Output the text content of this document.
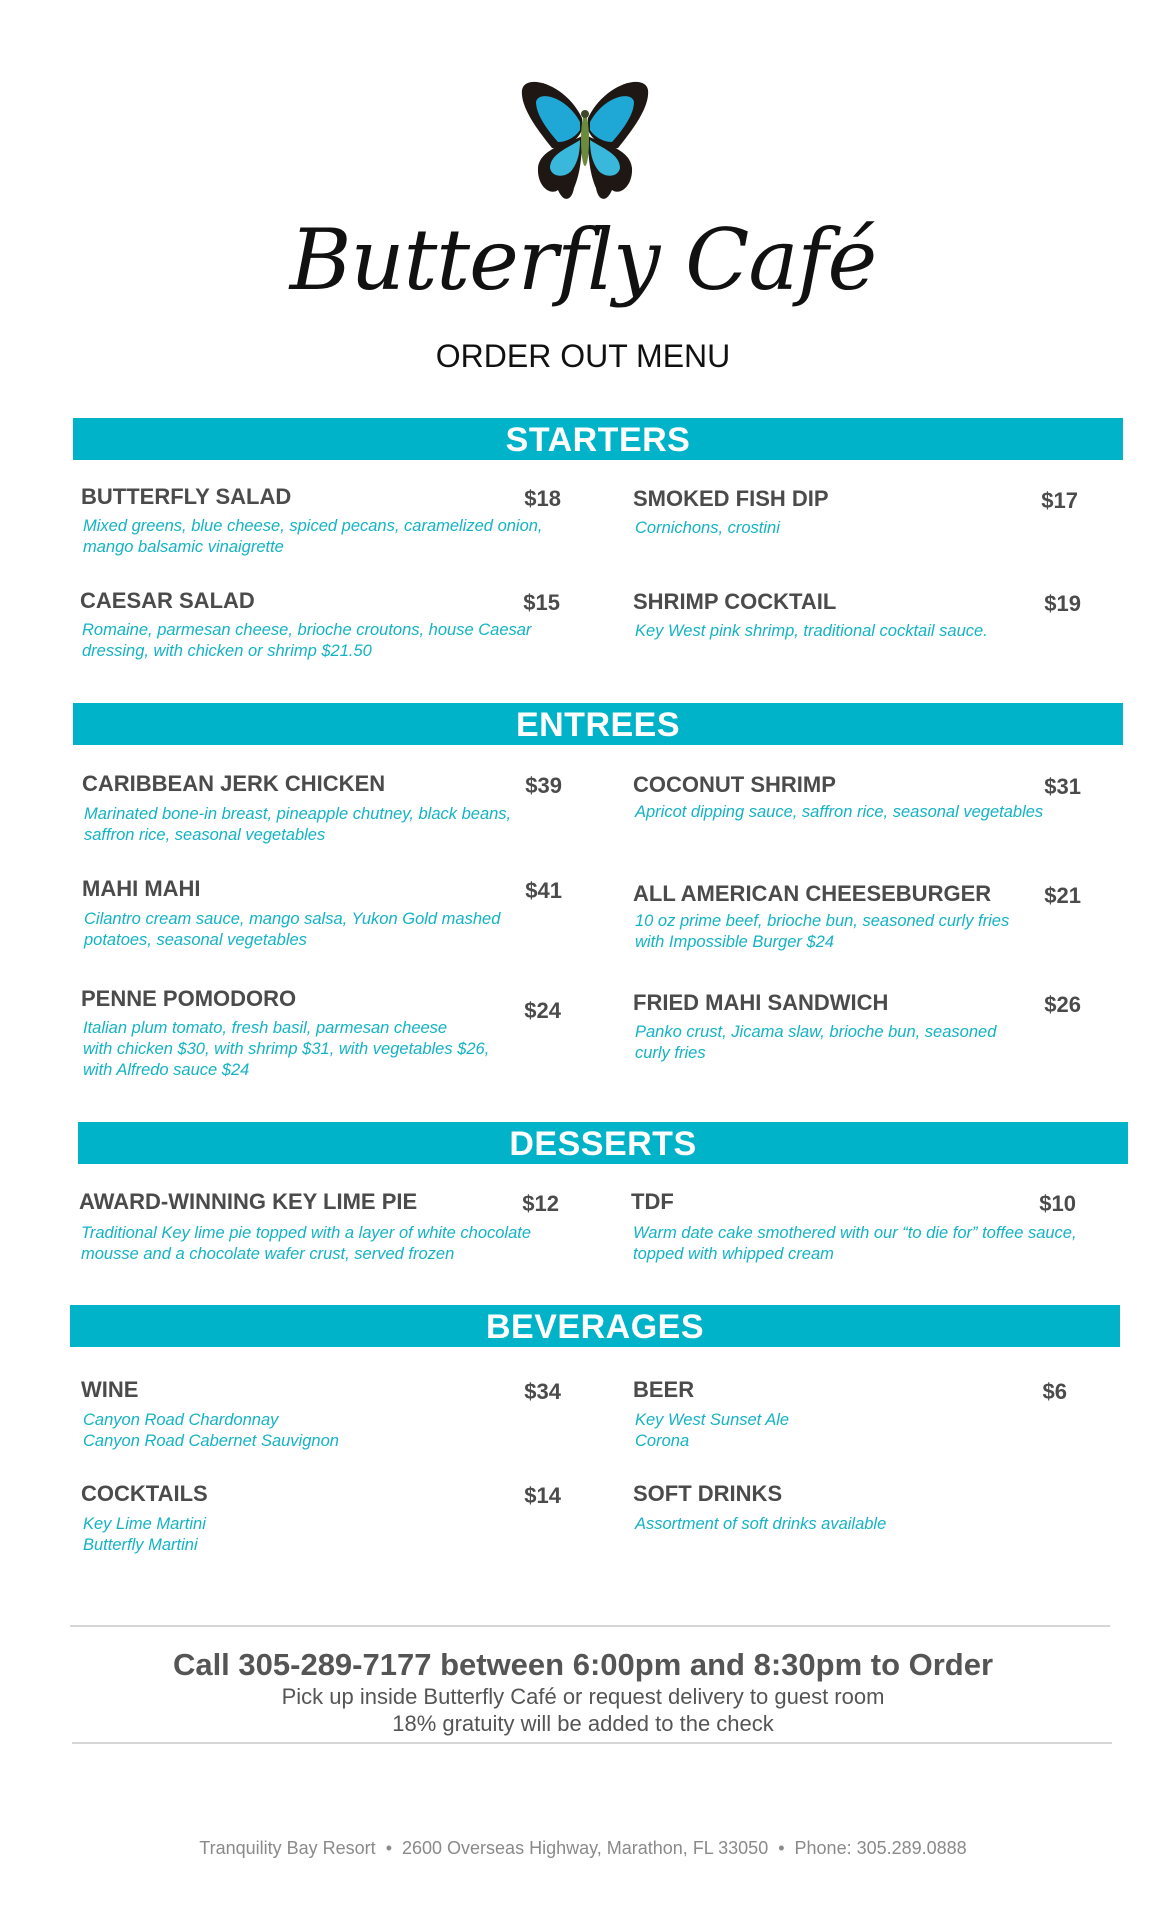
Butterfly Café
ORDER OUT MENU
STARTERS
BUTTERFLY SALAD	$18
Mixed greens, blue cheese, spiced pecans, caramelized onion,
mango balsamic vinaigrette
SMOKED FISH DIP	$17
Cornichons, crostini
CAESAR SALAD	$15
Romaine, parmesan cheese, brioche croutons, house Caesar
dressing, with chicken or shrimp $21.50
SHRIMP COCKTAIL	$19
Key West pink shrimp, traditional cocktail sauce.
ENTREES
CARIBBEAN JERK CHICKEN	$39
Marinated bone-in breast, pineapple chutney, black beans,
saffron rice, seasonal vegetables
COCONUT SHRIMP	$31
Apricot dipping sauce, saffron rice, seasonal vegetables
MAHI MAHI	$41
Cilantro cream sauce, mango salsa, Yukon Gold mashed
potatoes, seasonal vegetables
ALL AMERICAN CHEESEBURGER $21
10 oz prime beef, brioche bun, seasoned curly fries
with Impossible Burger $24
PENNE POMODORO	$24
Italian plum tomato, fresh basil, parmesan cheese
with chicken $30, with shrimp $31, with vegetables $26,
with Alfredo sauce $24
FRIED MAHI SANDWICH	$26
Panko crust, Jicama slaw, brioche bun, seasoned
curly fries
DESSERTS
AWARD-WINNING KEY LIME PIE	$12
Traditional Key lime pie topped with a layer of white chocolate
mousse and a chocolate wafer crust, served frozen
TDF	$10
Warm date cake smothered with our “to die for” toffee sauce,
topped with whipped cream
BEVERAGES
WINE	$34
Canyon Road Chardonnay
Canyon Road Cabernet Sauvignon
BEER	$6
Key West Sunset Ale
Corona
COCKTAILS	$14
Key Lime Martini
Butterfly Martini
SOFT DRINKS
Assortment of soft drinks available
Call 305-289-7177 between 6:00pm and 8:30pm to Order
Pick up inside Butterfly Café or request delivery to guest room
18% gratuity will be added to the check
Tranquility Bay Resort • 2600 Overseas Highway, Marathon, FL 33050 • Phone: 305.289.0888
